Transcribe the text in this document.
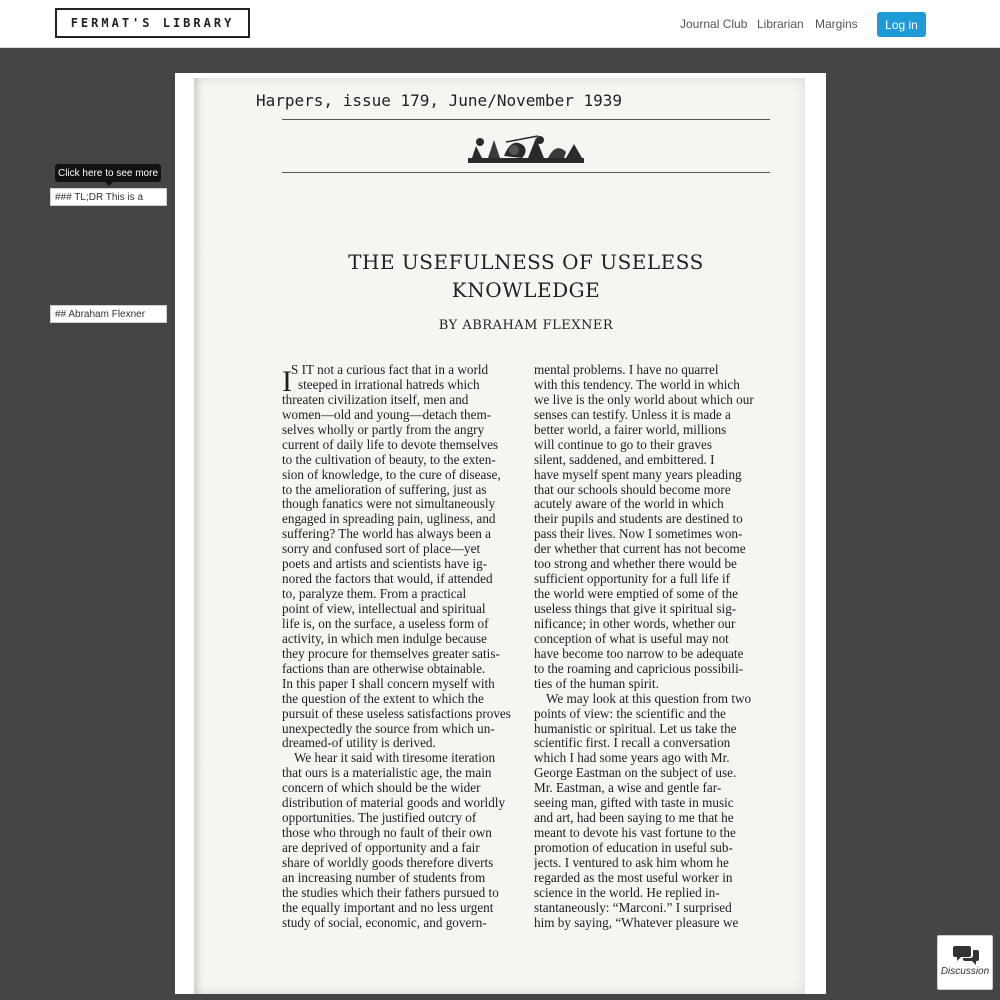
FERMAT'S LIBRARY	Journal Club Librarian Margins	Log in
Click here to see more
### TL;DR This is a
## Abraham Flexner
Harpers, issue 179, June/November 1939
THE USEFULNESS OF USELESS
KNOWLEDGE
BY ABRAHAM FLEXNER
I S IT not a curious fact that in a world
steeped in irrational hatreds which
threaten civilization itself, men and
women—old and young—detach them-
selves wholly or partly from the angry
current of daily life to devote themselves
to the cultivation of beauty, to the exten-
sion of knowledge, to the cure of disease,
to the amelioration of suffering, just as
though fanatics were not simultaneously
engaged in spreading pain, ugliness, and
suffering? The world has always been a
sorry and confused sort of place—yet
poets and artists and scientists have ig-
nored the factors that would, if attended
to, paralyze them. From a practical
point of view, intellectual and spiritual
life is, on the surface, a useless form of
activity, in which men indulge because
they procure for themselves greater satis-
factions than are otherwise obtainable.
In this paper I shall concern myself with
the question of the extent to which the
pursuit of these useless satisfactions proves
unexpectedly the source from which un-
dreamed-of utility is derived.
We hear it said with tiresome iteration
that ours is a materialistic age, the main
concern of which should be the wider
distribution of material goods and worldly
opportunities. The justified outcry of
those who through no fault of their own
are deprived of opportunity and a fair
share of worldly goods therefore diverts
an increasing number of students from
the studies which their fathers pursued to
the equally important and no less urgent
study of social, economic, and govern-
mental problems. I have no quarrel
with this tendency. The world in which
we live is the only world about which our
senses can testify. Unless it is made a
better world, a fairer world, millions
will continue to go to their graves
silent, saddened, and embittered. I
have myself spent many years pleading
that our schools should become more
acutely aware of the world in which
their pupils and students are destined to
pass their lives. Now I sometimes won-
der whether that current has not become
too strong and whether there would be
sufficient opportunity for a full life if
the world were emptied of some of the
useless things that give it spiritual sig-
nificance; in other words, whether our
conception of what is useful may not
have become too narrow to be adequate
to the roaming and capricious possibili-
ties of the human spirit.
We may look at this question from two
points of view: the scientific and the
humanistic or spiritual. Let us take the
scientific first. I recall a conversation
which I had some years ago with Mr.
George Eastman on the subject of use.
Mr. Eastman, a wise and gentle far-
seeing man, gifted with taste in music
and art, had been saying to me that he
meant to devote his vast fortune to the
promotion of education in useful sub-
jects. I ventured to ask him whom he
regarded as the most useful worker in
science in the world. He replied in-
stantaneously: “Marconi.” I surprised
him by saying, “Whatever pleasure we
Discussion
